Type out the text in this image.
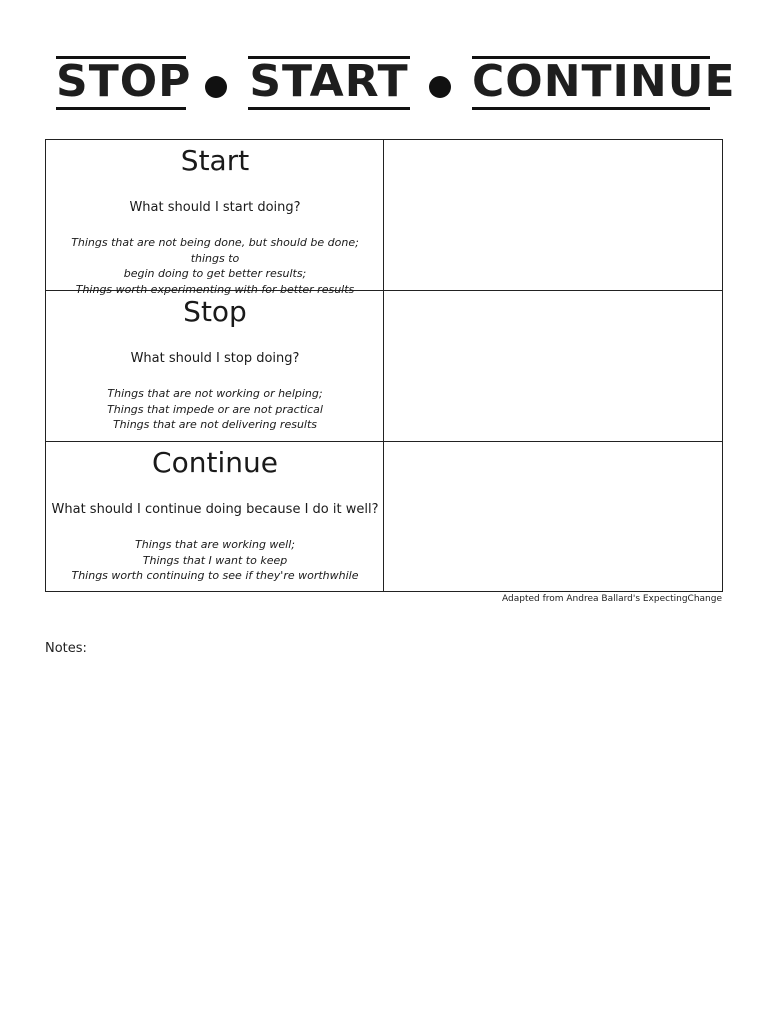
STOP START CONTINUE
Start
What should I start doing?
Things that are not being done, but should be done; things to
begin doing to get better results;
Things worth experimenting with for better results
Stop
What should I stop doing?
Things that are not working or helping;
Things that impede or are not practical
Things that are not delivering results
Continue
What should I continue doing because I do it well?
Things that are working well;
Things that I want to keep
Things worth continuing to see if they're worthwhile
Adapted from Andrea Ballard's ExpectingChange
Notes:
